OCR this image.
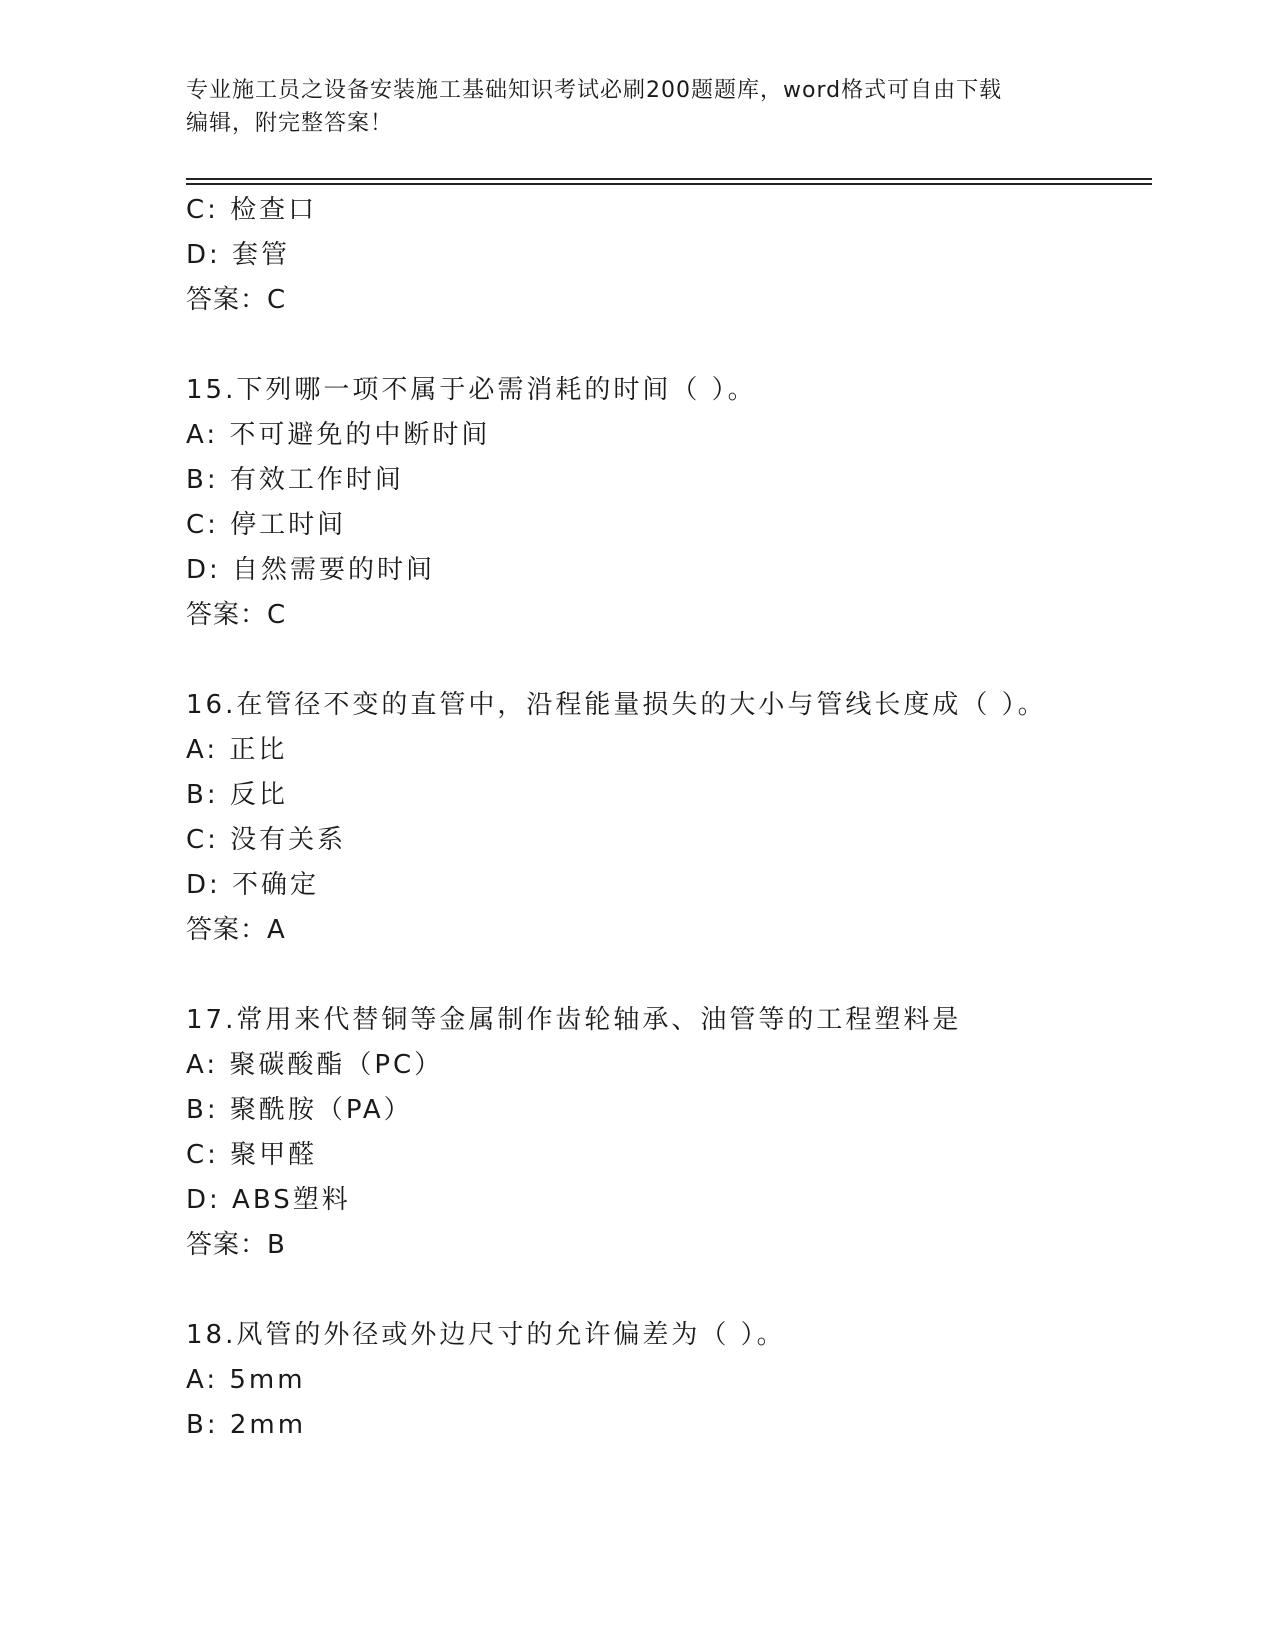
专业施工员之设备安装施工基础知识考试必刷200题题库，word格式可自由下载
编辑，附完整答案！
C: 检查口
D: 套管
答案：C
15.下列哪一项不属于必需消耗的时间（ ）。
A: 不可避免的中断时间
B: 有效工作时间
C: 停工时间
D: 自然需要的时间
答案：C
16.在管径不变的直管中，沿程能量损失的大小与管线长度成（ ）。
A: 正比
B: 反比
C: 没有关系
D: 不确定
答案：A
17.常用来代替铜等金属制作齿轮轴承、油管等的工程塑料是
A: 聚碳酸酯（PC）
B: 聚酰胺（PA）
C: 聚甲醛
D: ABS塑料
答案：B
18.风管的外径或外边尺寸的允许偏差为（ ）。
A: 5mm
B: 2mm
